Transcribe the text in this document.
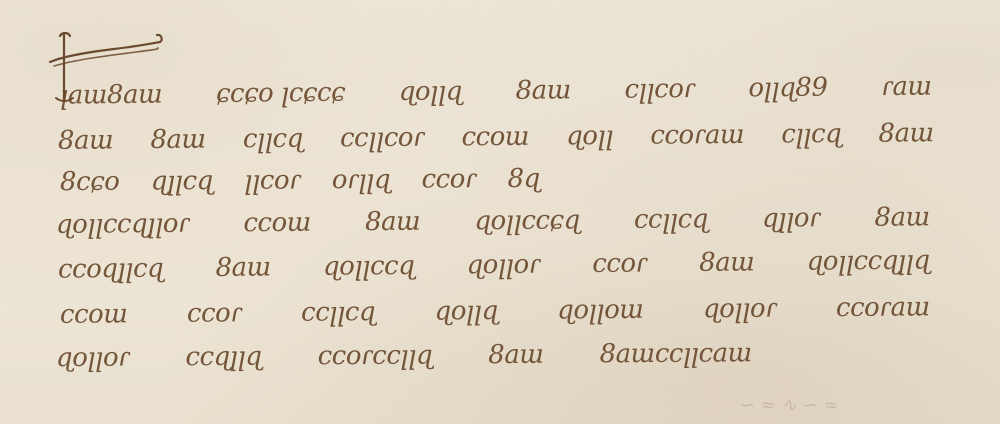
ꞁaɯ8aɯ ɕcɕo ꞁcɕcɕ ɋoꞁꞁɋ 8aɯ cꞁꞁcoɾ oꞁꞁɋ89 ɾaɯ
8aɯ 8aɯ cꞁꞁcɋ ccꞁꞁcoɾ ccoɯ ɋoꞁꞁ ccoɾaɯ cꞁꞁcɋ 8aɯ
8cɕo ɋꞁꞁcɋ ꞁꞁcoɾ oɾꞁꞁɋ ccoɾ 8ɋ
ɋoꞁꞁccɋꞁꞁoɾ ccoɯ 8aɯ ɋoꞁꞁccɕɋ ccꞁꞁcɋ ɋꞁꞁoɾ 8aɯ
ccoɋꞁꞁcɋ 8aɯ ɋoꞁꞁccɋ ɋoꞁꞁoɾ ccoɾ 8aɯ ɋoꞁꞁccɋꞁꞁɋ
ccoɯ ccoɾ ccꞁꞁcɋ ɋoꞁꞁɋ ɋoꞁꞁoɯ ɋoꞁꞁoɾ ccoɾaɯ
ɋoꞁꞁoɾ ccɋꞁꞁɋ ccoɾccꞁꞁɋ 8aɯ 8aɯccꞁꞁcaɯ
∽ ≈ ∿ ∽ ≈
